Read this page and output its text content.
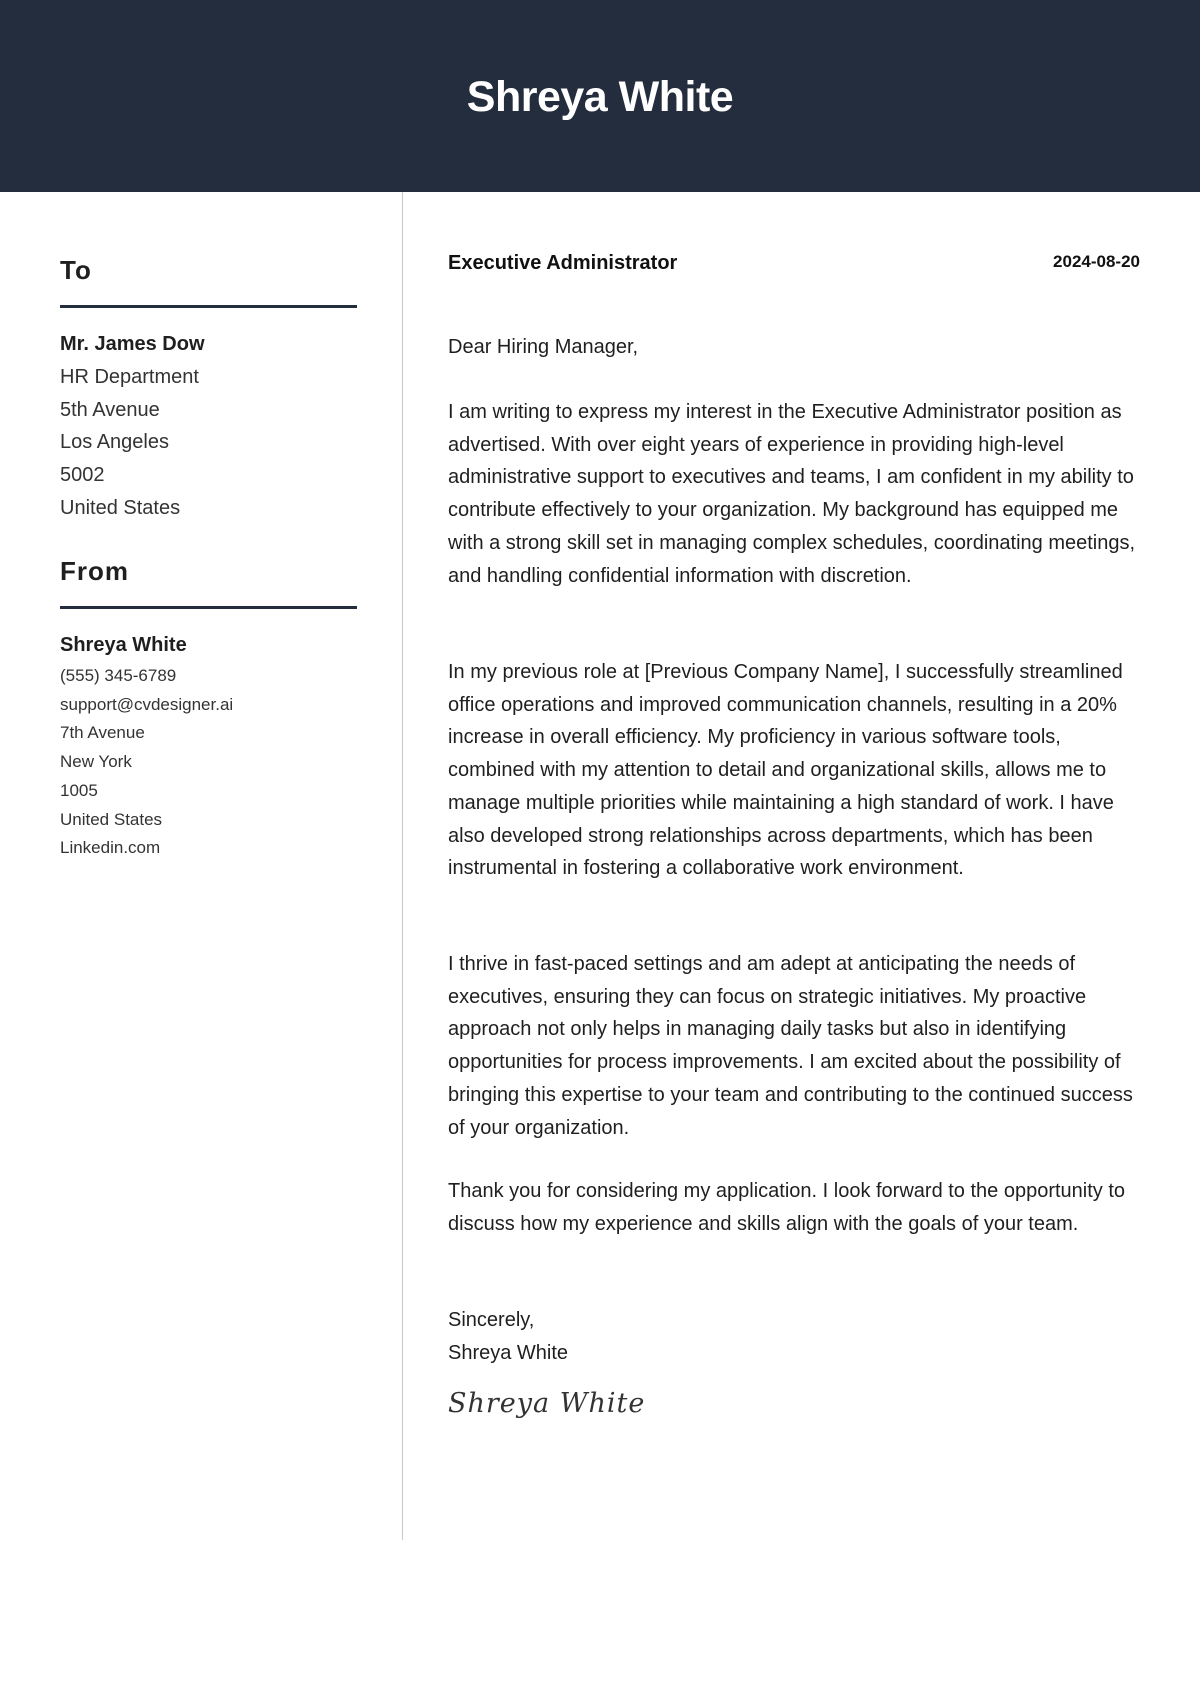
Shreya White
To
Mr. James Dow
HR Department
5th Avenue
Los Angeles
5002
United States
From
Shreya White
(555) 345-6789
support@cvdesigner.ai
7th Avenue
New York
1005
United States
Linkedin.com
Executive Administrator	2024-08-20
Dear Hiring Manager,
I am writing to express my interest in the Executive Administrator position as advertised. With over eight years of experience in providing high-level administrative support to executives and teams, I am confident in my ability to contribute effectively to your organization. My background has equipped me with a strong skill set in managing complex schedules, coordinating meetings, and handling confidential information with discretion.
In my previous role at [Previous Company Name], I successfully streamlined office operations and improved communication channels, resulting in a 20% increase in overall efficiency. My proficiency in various software tools, combined with my attention to detail and organizational skills, allows me to manage multiple priorities while maintaining a high standard of work. I have also developed strong relationships across departments, which has been instrumental in fostering a collaborative work environment.
I thrive in fast-paced settings and am adept at anticipating the needs of executives, ensuring they can focus on strategic initiatives. My proactive approach not only helps in managing daily tasks but also in identifying opportunities for process improvements. I am excited about the possibility of bringing this expertise to your team and contributing to the continued success of your organization.
Thank you for considering my application. I look forward to the opportunity to discuss how my experience and skills align with the goals of your team.
Sincerely,
Shreya White
Shreya White
